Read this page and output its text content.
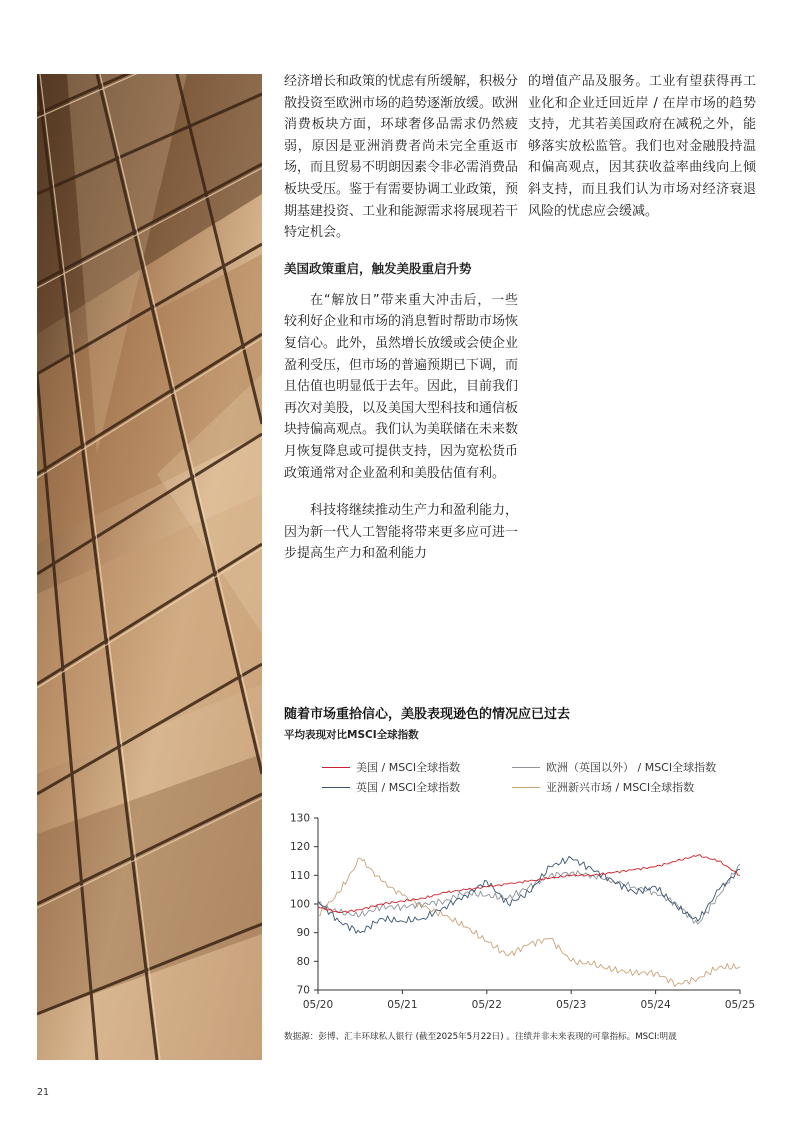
经济增长和政策的忧虑有所缓解，积极分散投资至欧洲市场的趋势逐渐放缓。欧洲消费板块方面，环球奢侈品需求仍然疲弱，原因是亚洲消费者尚未完全重返市场，而且贸易不明朗因素令非必需消费品板块受压。鉴于有需要协调工业政策，预期基建投资、工业和能源需求将展现若干特定机会。

美国政策重启，触发美股重启升势

在“解放日”带来重大冲击后，一些较利好企业和市场的消息暂时帮助市场恢复信心。此外，虽然增长放缓或会使企业盈利受压，但市场的普遍预期已下调，而且估值也明显低于去年。因此，目前我们再次对美股，以及美国大型科技和通信板块持偏高观点。我们认为美联储在未来数月恢复降息或可提供支持，因为宽松货币政策通常对企业盈利和美股估值有利。

科技将继续推动生产力和盈利能力，因为新一代人工智能将带来更多应可进一步提高生产力和盈利能力

的增值产品及服务。工业有望获得再工业化和企业迁回近岸 / 在岸市场的趋势支持，尤其若美国政府在减税之外，能够落实放松监管。我们也对金融股持温和偏高观点，因其获收益率曲线向上倾斜支持，而且我们认为市场对经济衰退风险的忧虑应会缓减。

随着市场重拾信心，美股表现逊色的情况应已过去
平均表现对比MSCI全球指数
美国 / MSCI全球指数	欧洲（英国以外） / MSCI全球指数
英国 / MSCI全球指数	亚洲新兴市场 / MSCI全球指数
70
80
90
100
110
120
130
05/20	05/21	05/22	05/23	05/24	05/25
数据源：彭博、汇丰环球私人银行 (截至2025年5月22日) 。往绩并非未来表现的可靠指标。MSCI:明晟
21
